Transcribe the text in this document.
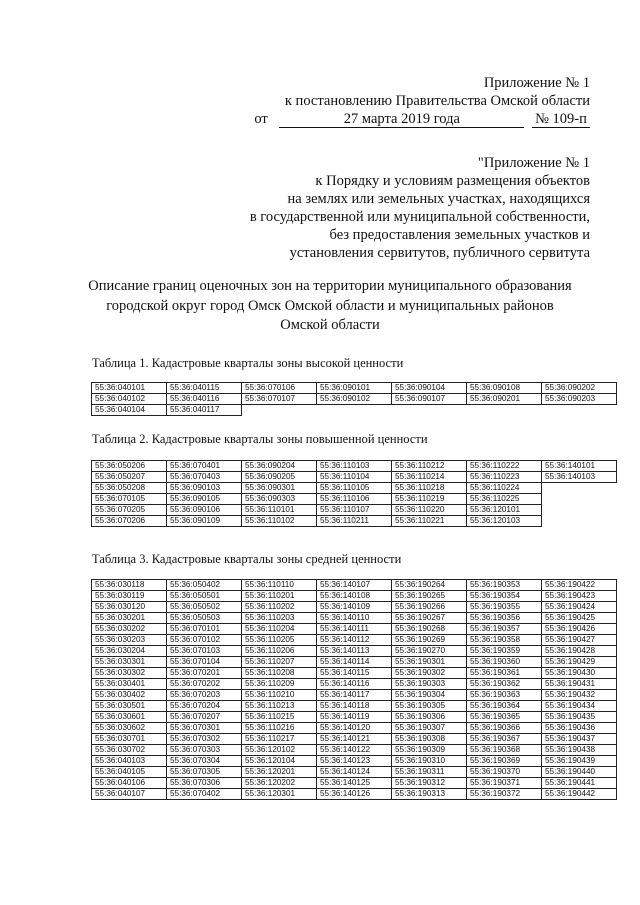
Приложение № 1
к постановлению Правительства Омской области
от	27 марта 2019 года	№ 109-п
"Приложение № 1
к Порядку и условиям размещения объектов
на землях или земельных участках, находящихся
в государственной или муниципальной собственности,
без предоставления земельных участков и
установления сервитутов, публичного сервитута
Описание границ оценочных зон на территории муниципального образования
городской округ город Омск Омской области и муниципальных районов
Омской области
Таблица 1. Кадастровые кварталы зоны высокой ценности
55:36:040101	55:36:040115	55:36:070106	55:36:090101	55:36:090104	55:36:090108	55:36:090202
55:36:040102	55:36:040116	55:36:070107	55:36:090102	55:36:090107	55:36:090201	55:36:090203
55:36:040104	55:36:040117					
Таблица 2. Кадастровые кварталы зоны повышенной ценности
55:36:050206	55:36:070401	55:36:090204	55:36:110103	55:36:110212	55:36:110222	55:36:140101
55:36:050207	55:36:070403	55:36:090205	55:36:110104	55:36:110214	55:36:110223	55:36:140103
55:36:050208	55:36:090103	55:36:090301	55:36:110105	55:36:110218	55:36:110224	
55:36:070105	55:36:090105	55:36:090303	55:36:110106	55:36:110219	55:36:110225	
55:36:070205	55:36:090106	55:36:110101	55:36:110107	55:36:110220	55:36:120101	
55:36:070206	55:36:090109	55:36:110102	55:36:110211	55:36:110221	55:36:120103	
Таблица 3. Кадастровые кварталы зоны средней ценности
55:36:030118	55:36:050402	55:36:110110	55:36:140107	55:36:190264	55:36:190353	55:36:190422
55:36:030119	55:36:050501	55:36:110201	55:36:140108	55:36:190265	55:36:190354	55:36:190423
55:36:030120	55:36:050502	55:36:110202	55:36:140109	55:36:190266	55:36:190355	55:36:190424
55:36:030201	55:36:050503	55:36:110203	55:36:140110	55:36:190267	55:36:190356	55:36:190425
55:36:030202	55:36:070101	55:36:110204	55:36:140111	55:36:190268	55:36:190357	55:36:190426
55:36:030203	55:36:070102	55:36:110205	55:36:140112	55:36:190269	55:36:190358	55:36:190427
55:36:030204	55:36:070103	55:36:110206	55:36:140113	55:36:190270	55:36:190359	55:36:190428
55:36:030301	55:36:070104	55:36:110207	55:36:140114	55:36:190301	55:36:190360	55:36:190429
55:36:030302	55:36:070201	55:36:110208	55:36:140115	55:36:190302	55:36:190361	55:36:190430
55:36:030401	55:36:070202	55:36:110209	55:36:140116	55:36:190303	55:36:190362	55:36:190431
55:36:030402	55:36:070203	55:36:110210	55:36:140117	55:36:190304	55:36:190363	55:36:190432
55:36:030501	55:36:070204	55:36:110213	55:36:140118	55:36:190305	55:36:190364	55:36:190434
55:36:030601	55:36:070207	55:36:110215	55:36:140119	55:36:190306	55:36:190365	55:36:190435
55:36:030602	55:36:070301	55:36:110216	55:36:140120	55:36:190307	55:36:190366	55:36:190436
55:36:030701	55:36:070302	55:36:110217	55:36:140121	55:36:190308	55:36:190367	55:36:190437
55:36:030702	55:36:070303	55:36:120102	55:36:140122	55:36:190309	55:36:190368	55:36:190438
55:36:040103	55:36:070304	55:36:120104	55:36:140123	55:36:190310	55:36:190369	55:36:190439
55:36:040105	55:36:070305	55:36:120201	55:36:140124	55:36:190311	55:36:190370	55:36:190440
55:36:040106	55:36:070306	55:36:120202	55:36:140125	55:36:190312	55:36:190371	55:36:190441
55:36:040107	55:36:070402	55:36:120301	55:36:140126	55:36:190313	55:36:190372	55:36:190442
